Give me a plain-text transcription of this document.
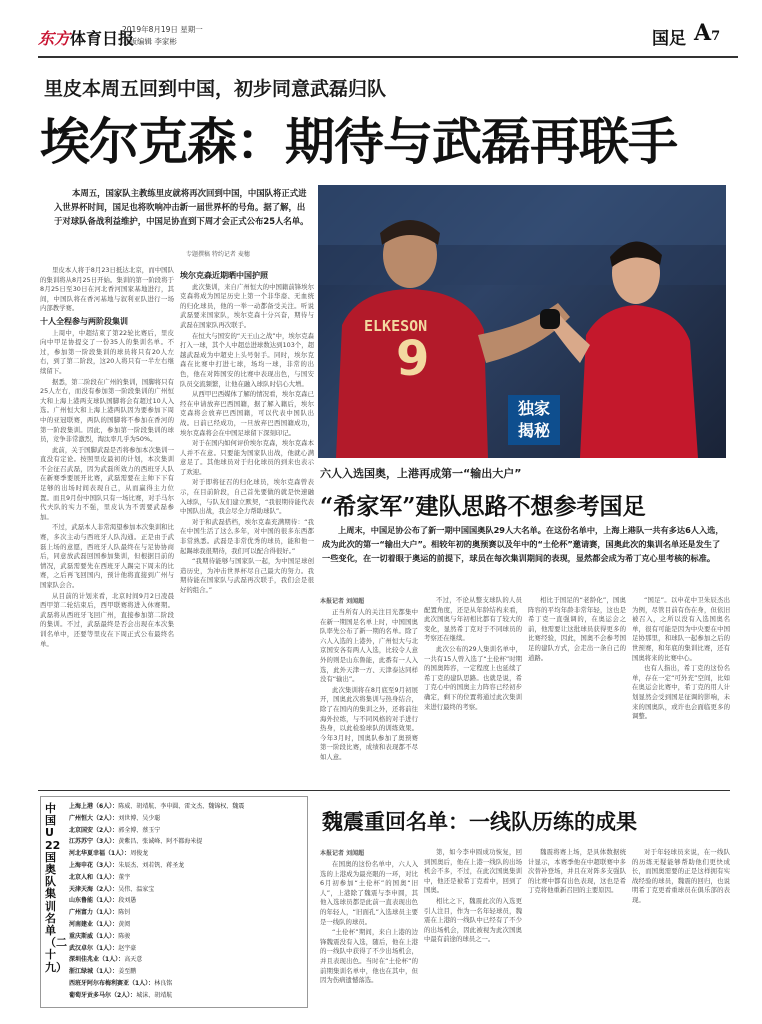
东方体育日报
2019年8月19日 星期一
本版编辑 李家彬	国足 A7
里皮本周五回到中国，初步同意武磊归队
埃尔克森：期待与武磊再联手
本周五，国家队主教练里皮就将再次回到中国，中国队将正式进入世界杯时间，国足也将吹响冲击新一届世界杯的号角。据了解，出于对球队备战利益维护，中国足协直到下周才会正式公布25人名单。
专题撰稿 特约记者 麦穗

里皮本人将于8月23日抵达北京，而中国队的集训将从8月25日开始。集训的第一阶段将于8月25日至30日在河北香河国家基地进行，其间，中国队将在香河基地与叙利亚队进行一场内部教学赛。

十人全程参与两阶段集训

上周中，中超结束了第22轮比赛后，里皮向中甲足协提交了一份35人的集训名单。不过，参加第一阶段集训的球员将只有20人左右，到了第二阶段，这20人将只有一半左右继续留下。

据悉，第二阶段在广州的集训，国脚将只有25人左右，而没有参加第一阶段集训的广州恒大和上海上港两支球队国脚将会有超过10人入选。广州恒大和上海上港两队因为要参加下周中的亚冠联赛，两队的国脚将不参加在香河的第一阶段集训。因此，参加第一阶段集训的球员，竞争非常激烈，淘汰率几乎为50%。

此前，关于国脚武磊是否将参加本次集训一直没有定论。按照里皮最初的计划，本次集训不会征召武磊，因为武磊所效力的西班牙人队在新赛季要展开比赛，武磊需要在主帅下下有足够的出场时间表现自己，从而赢得主力位置。而且9月份中国队只有一场比赛，对手马尔代夫队的实力不强，里皮认为不需要武磊参加。

不过，武磊本人非常渴望参加本次集训和比赛，多次主动与西班牙人队沟通。正是由于武磊上场的意愿，西班牙人队最终在与足协协商后，同意放武磊回国参加集训，但根据目前的情况，武磊需要先在西班牙人踢完下周末的比赛，之后再飞回国内，预计他将直接到广州与国家队会合。

从目前的计划来看，北京时间9月2日凌晨西甲第二轮结束后，西甲联赛将进入休赛期。武磊将从西班牙飞回广州，直接参加第二阶段的集训。不过，武磊最终是否会出现在本次集训名单中，还要等里皮在下周正式公布最终名单。

埃尔克森近期晒中国护照

此次集训，来自广州恒大的中国籍前锋埃尔克森将成为国足历史上第一个非华裔、无血统的归化球员，他的一举一动都备受关注。听说武磊要来国家队，埃尔克森十分兴奋，期待与武磊在国家队再次联手。

在恒大与国安的“天王山之战”中，埃尔克森打入一球，其个人中超总进球数达到103个，超越武磊成为中超史上头号射手。同时，埃尔克森在比赛中打进七球，场均一球，非常的出色，他在对阵国安的比赛中表现出色，与国安队员交流频繁，让他在融入球队时信心大增。

从西甲巴西媒体了解的情况看，埃尔克森已经在申请放弃巴西国籍，据了解入籍后，埃尔克森将会放弃巴西国籍，可以代表中国队出战。日前已经成功，一旦放弃巴西国籍成功，埃尔克森将会在中国足球留下深刻印记。

对于在国内如何评价埃尔克森，埃尔克森本人并不在意。只要能为国家队出战，他就心满意足了。其他球员对于归化球员的到来也表示了欢迎。

对于即将征召的归化球员，埃尔克森曾表示，在目前阶段，自己首先要做的就是快速融入球队，与队友们建立默契，“我很期待能代表中国队出战，我会尽全力帮助球队”。

对于和武磊搭档，埃尔克森充满期待：“我在中国生活了这么多年，对中国的很多东西都非常熟悉。武磊是非常优秀的球员，能和他一起踢球我很期待，我们可以配合得很好。”

“我期待能够与国家队一起，为中国足球创造历史，为冲击世界杯尽自己最大的努力。我期待能在国家队与武磊再次联手，我们会是很好的组合。”

ELKESON
9
独家
揭秘
六人入选国奥，上港再成第一“输出大户”
“希家军”建队思路不想参考国足
上周末，中国足协公布了新一期中国国奥队29人大名单。在这份名单中，上海上港队一共有多达6人入选，成为此次的第一“输出大户”。相较年初的奥预赛以及年中的“土伦杯”邀请赛，国奥此次的集训名单还是发生了一些变化，在一切着眼于奥运的前提下，球员在每次集训期间的表现，显然都会成为希丁克心里考核的标准。
本报记者 刘闻超

正当所有人的关注目光都集中在新一期国足名单上时，中国国奥队率先公布了新一期的名单。除了六人入选的上港外，广州恒大与北京国安各有两人入选，比较令人意外的则是山东鲁能，此番有一人入选，此外天津一方、天津泰达同样没有“输出”。

此次集训将在8月底至9月初展开，国奥此次将集训与热身结合，除了在国内的集训之外，还将前往海外拉练，与不同风格的对手进行热身，以此检验球队的训练效果。今年3月时，国奥队参加了奥预赛第一阶段比赛，成绩和表现都不尽如人意。

不过，不论从整支球队的人员配置角度，还是从年龄结构来看，此次国奥与年初相比都有了较大的变化，显然希丁克对于不同球员的考察还在继续。

此次公布的29人集训名单中，一共有15人曾入选了“土伦杯”时期的国奥阵容，一定程度上也延续了希丁克的建队思路。也就是说，希丁克心中的国奥主力阵容已经初步确定，剩下的位置将通过此次集训来进行最终的考察。

相比于国足的“老龄化”，国奥阵容的平均年龄非常年轻，这也是希丁克一直强调的，在奥运会之前，他需要让这批球员获得更多的比赛经验，因此，国奥不会参考国足的建队方式，会走出一条自己的道路。

“国足”。以申花中卫朱辰杰出为例，尽管目前有伤在身，但依旧被召入，之所以没有入选国奥名单，很有可能是因为中央要在中国足协那里，和球队一起参加之后的世预赛，和年底的集训比赛，还有国奥将来的比赛中心。

也有人指出，希丁克的这份名单，存在一定“可外充”空间，比如在奥运会比赛中，希丁克的用人计划显然会受到国足征调的影响，未来的国奥队，或许也会面临更多的调整。

中国U22国奥队集训名单（二十九）
上海上港（6人）：陈威、胡靖航、李申圆、雷文杰、魏锦权、魏震
广州恒大（2人）：刘世博、吴少聪
北京国安（2人）：郭全博、蔡玉宁
江苏苏宁（3人）：黄紫昌、张诚峰、阿不都海米提
河北华夏幸福（1人）：周俊龙
上海申花（3人）：朱辰杰、刘若钒、蒋圣龙
北京人和（1人）：董宇
天津天海（2人）：吴伟、温家宝
山东鲁能（1人）：段刘愚
广州富力（1人）：陈钊
河南建业（1人）：黄阅
重庆斯威（1人）：陈骏
武汉卓尔（1人）：赵宇豪
深圳佳兆业（1人）：高天意
浙江绿城（1人）：姜至鹏
西班牙阿尔布梅利赛亚（1人）：林良铭
葡萄牙贡多马尔（2人）：城沫、胡靖航
魏震重回名单：一线队历练的成果
本报记者 刘闻超

在国奥的这份名单中，六人入选的上港成为最亮眼的一环，对比6月初参加“土伦杯”的国奥“旧人”，上港除了魏震与李申圆，其他入选球员都是此前一直表现出色的年轻人，“旧面孔”入选球员主要是一线队的球员。

“土伦杯”期间，来自上港的边锋魏震没有入选，随后，他在上港的一线队中获得了不少出场机会，并且表现出色。当时在“土伦杯”的前期集训名单中，他也在其中，但因为伤病遗憾落选。

第，如今李申圆成功恢复，回到国奥后，他在上港一线队的出场机会不多，不过，在此次国奥集训中，他还是被希丁克看中，回到了国奥。

相比之下，魏震此次的入选更引人注目，作为一名年轻球员，魏震在上港的一线队中已经有了不少的出场机会，因此被视为此次国奥中最有前途的球员之一。

魏震将赛上场，是具体数据统计显示，本赛季他在中超联赛中多次替补登场，并且在对阵多支强队的比赛中都有出色表现，这也是希丁克将他重新召回的主要原因。

对于年轻球员来说，在一线队的历练无疑能够帮助他们更快成长，而国奥需要的正是这样拥有实战经验的球员，魏震的回归，也说明希丁克更看重球员在俱乐部的表现。
